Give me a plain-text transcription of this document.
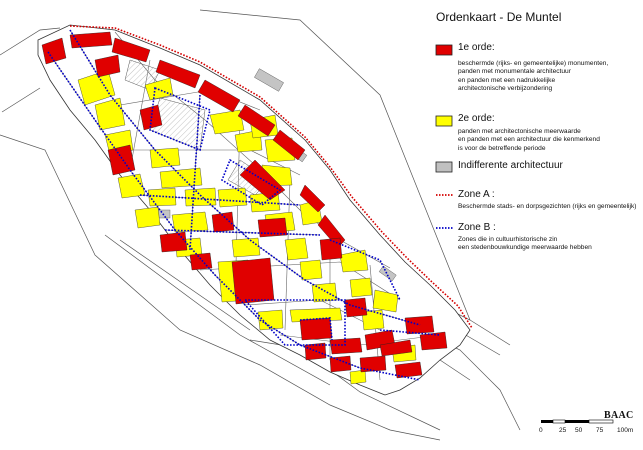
Ordenkaart - De Muntel
1e orde:
beschermde (rijks- en gemeentelijke) monumenten,
panden met monumentale architectuur
en panden met een nadrukkelijke
architectonische verbijzondering
2e orde:
panden met architectonische meerwaarde
en panden met een architectuur die kenmerkend
is voor de betreffende periode
Indifferente architectuur
Zone A :
Beschermde stads- en dorpsgezichten (rijks en gemeentelijk)
Zone B :
Zones die in cultuurhistorische zin
een stedenbouwkundige meerwaarde hebben
BAAC
0	25 50 75 100m
